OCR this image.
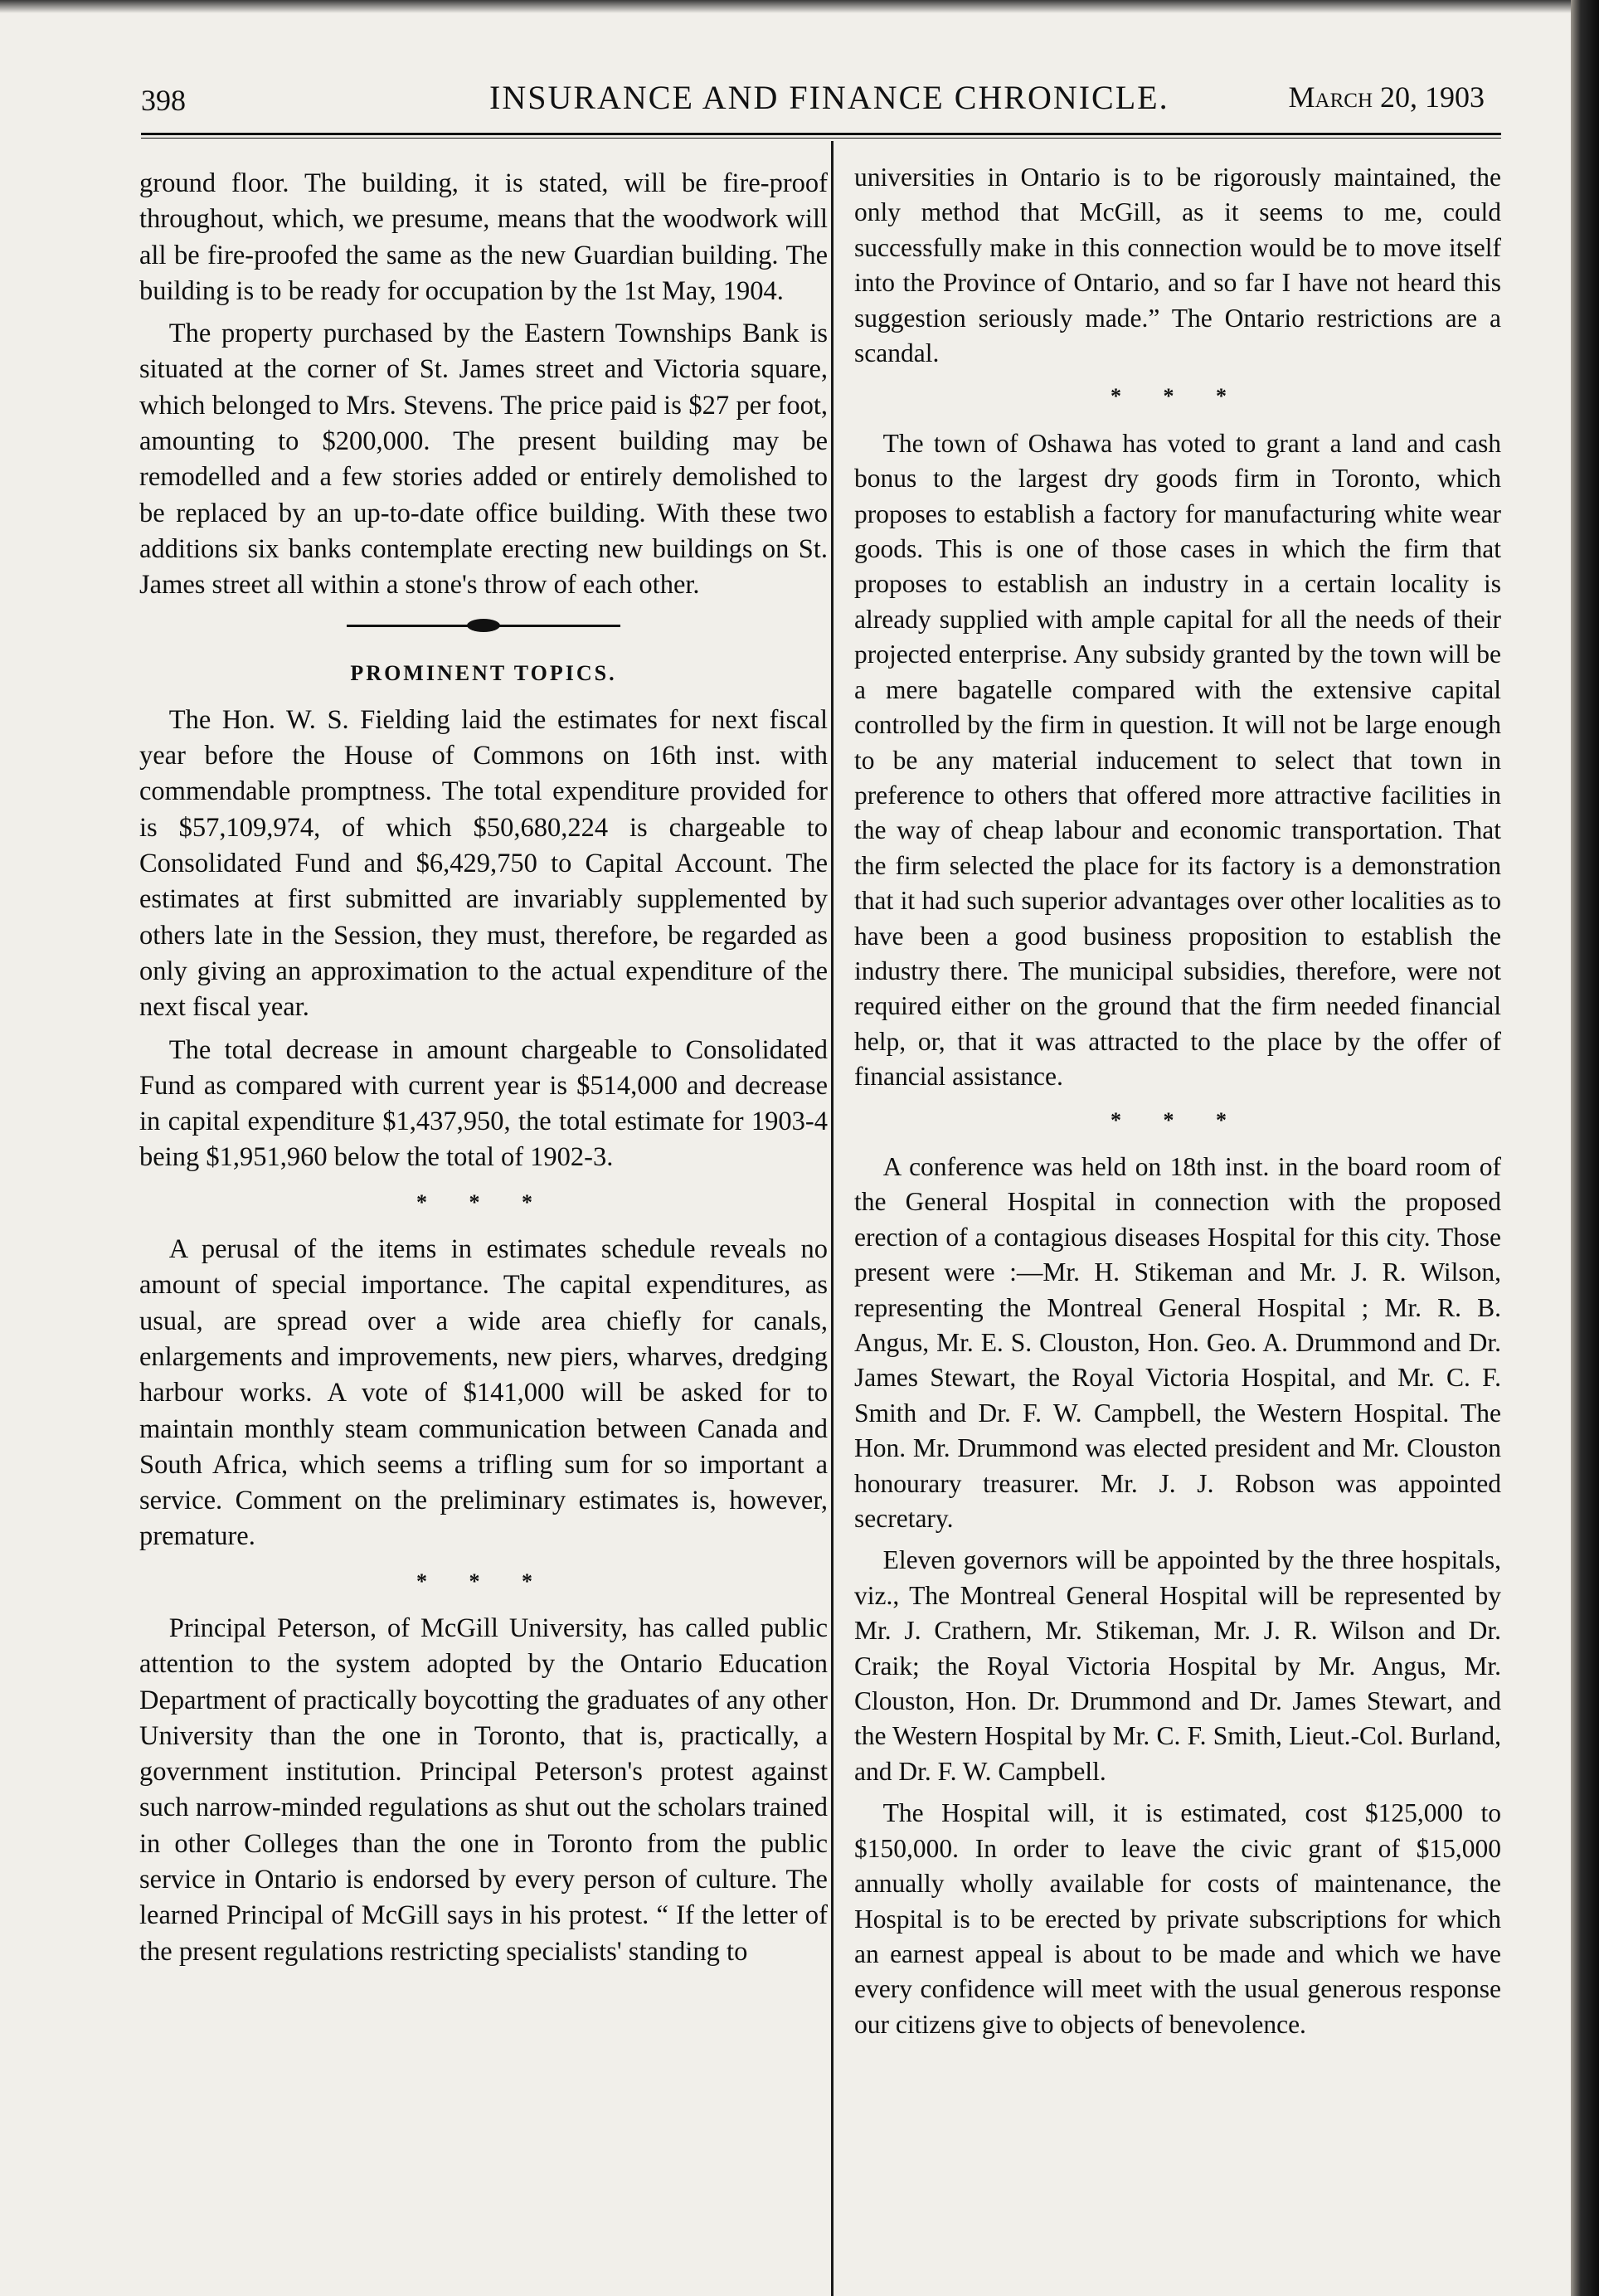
398	INSURANCE AND FINANCE CHRONICLE.	March 20, 1903

ground floor. The building, it is stated, will be fire-proof throughout, which, we presume, means that the woodwork will all be fire-proofed the same as the new Guardian building. The building is to be ready for occupation by the 1st May, 1904.

The property purchased by the Eastern Townships Bank is situated at the corner of St. James street and Victoria square, which belonged to Mrs. Stevens. The price paid is $27 per foot, amounting to $200,000. The present building may be remodelled and a few stories added or entirely demolished to be replaced by an up-to-date office building. With these two additions six banks contemplate erecting new buildings on St. James street all within a stone's throw of each other.

PROMINENT TOPICS.

The Hon. W. S. Fielding laid the estimates for next fiscal year before the House of Commons on 16th inst. with commendable promptness. The total expenditure provided for is $57,109,974, of which $50,680,224 is chargeable to Consolidated Fund and $6,429,750 to Capital Account. The estimates at first submitted are invariably supplemented by others late in the Session, they must, therefore, be regarded as only giving an approximation to the actual expenditure of the next fiscal year.

The total decrease in amount chargeable to Consolidated Fund as compared with current year is $514,000 and decrease in capital expenditure $1,437,950, the total estimate for 1903-4 being $1,951,960 below the total of 1902-3.

* * *

A perusal of the items in estimates schedule reveals no amount of special importance. The capital expenditures, as usual, are spread over a wide area chiefly for canals, enlargements and improvements, new piers, wharves, dredging harbour works. A vote of $141,000 will be asked for to maintain monthly steam communication between Canada and South Africa, which seems a trifling sum for so important a service. Comment on the preliminary estimates is, however, premature.

* * *

Principal Peterson, of McGill University, has called public attention to the system adopted by the Ontario Education Department of practically boycotting the graduates of any other University than the one in Toronto, that is, practically, a government institution. Principal Peterson's protest against such narrow-minded regulations as shut out the scholars trained in other Colleges than the one in Toronto from the public service in Ontario is endorsed by every person of culture. The learned Principal of McGill says in his protest. “ If the letter of the present regulations restricting specialists' standing to

universities in Ontario is to be rigorously maintained, the only method that McGill, as it seems to me, could successfully make in this connection would be to move itself into the Province of Ontario, and so far I have not heard this suggestion seriously made.” The Ontario restrictions are a scandal.

* * *

The town of Oshawa has voted to grant a land and cash bonus to the largest dry goods firm in Toronto, which proposes to establish a factory for manufacturing white wear goods. This is one of those cases in which the firm that proposes to establish an industry in a certain locality is already supplied with ample capital for all the needs of their projected enterprise. Any subsidy granted by the town will be a mere bagatelle compared with the extensive capital controlled by the firm in question. It will not be large enough to be any material inducement to select that town in preference to others that offered more attractive facilities in the way of cheap labour and economic transportation. That the firm selected the place for its factory is a demonstration that it had such superior advantages over other localities as to have been a good business proposition to establish the industry there. The municipal subsidies, therefore, were not required either on the ground that the firm needed financial help, or, that it was attracted to the place by the offer of financial assistance.

* * *

A conference was held on 18th inst. in the board room of the General Hospital in connection with the proposed erection of a contagious diseases Hospital for this city. Those present were :—Mr. H. Stikeman and Mr. J. R. Wilson, representing the Montreal General Hospital ; Mr. R. B. Angus, Mr. E. S. Clouston, Hon. Geo. A. Drummond and Dr. James Stewart, the Royal Victoria Hospital, and Mr. C. F. Smith and Dr. F. W. Campbell, the Western Hospital. The Hon. Mr. Drummond was elected president and Mr. Clouston honourary treasurer. Mr. J. J. Robson was appointed secretary.

Eleven governors will be appointed by the three hospitals, viz., The Montreal General Hospital will be represented by Mr. J. Crathern, Mr. Stikeman, Mr. J. R. Wilson and Dr. Craik; the Royal Victoria Hospital by Mr. Angus, Mr. Clouston, Hon. Dr. Drummond and Dr. James Stewart, and the Western Hospital by Mr. C. F. Smith, Lieut.-Col. Burland, and Dr. F. W. Campbell.

The Hospital will, it is estimated, cost $125,000 to $150,000. In order to leave the civic grant of $15,000 annually wholly available for costs of maintenance, the Hospital is to be erected by private subscriptions for which an earnest appeal is about to be made and which we have every confidence will meet with the usual generous response our citizens give to objects of benevolence.
